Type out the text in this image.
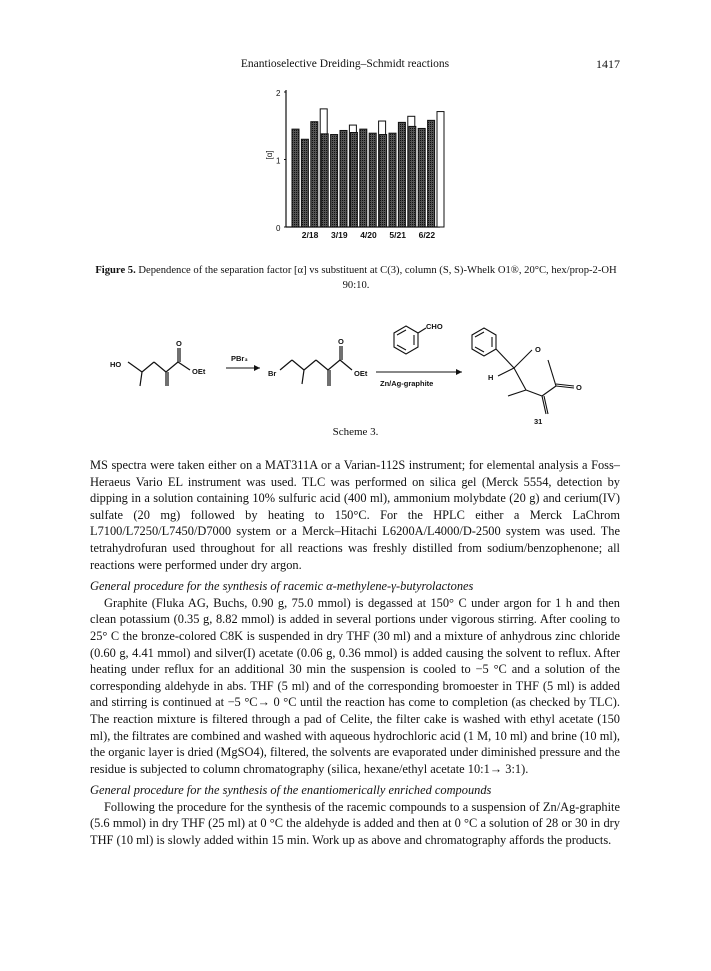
Enantioselective Dreiding–Schmidt reactions	1417
0
1
2
[α]
2/18 3/19 4/20 5/21 6/22
Figure 5. Dependence of the separation factor [α] vs substituent at C(3), column (S, S)-Whelk O1®, 20°C, hex/prop-2-OH 90:10.
HO
O
OEt
PBr₃
Br
O
OEt
CHO
Zn/Ag-graphite
O
O
H
31
Scheme 3.

MS spectra were taken either on a MAT311A or a Varian-112S instrument; for elemental analysis a Foss–Heraeus Vario EL instrument was used. TLC was performed on silica gel (Merck 5554, detection by dipping in a solution containing 10% sulfuric acid (400 ml), ammonium molybdate (20 g) and cerium(IV) sulfate (20 mg) followed by heating to 150°C. For the HPLC either a Merck LaChrom L7100/L7250/L7450/D7000 system or a Merck–Hitachi L6200A/L4000/D-2500 system was used. The tetrahydrofuran used throughout for all reactions was freshly distilled from sodium/benzophenone; all reactions were performed under dry argon.

General procedure for the synthesis of racemic α-methylene-γ-butyrolactones

Graphite (Fluka AG, Buchs, 0.90 g, 75.0 mmol) is degassed at 150° C under argon for 1 h and then clean potassium (0.35 g, 8.82 mmol) is added in several portions under vigorous stirring. After cooling to 25° C the bronze-colored C8K is suspended in dry THF (30 ml) and a mixture of anhydrous zinc chloride (0.60 g, 4.41 mmol) and silver(I) acetate (0.06 g, 0.36 mmol) is added causing the solvent to reflux. After heating under reflux for an additional 30 min the suspension is cooled to −5 °C and a solution of the corresponding aldehyde in abs. THF (5 ml) and of the corresponding bromoester in THF (5 ml) is added and stirring is continued at −5 °C→ 0 °C until the reaction has come to completion (as checked by TLC). The reaction mixture is filtered through a pad of Celite, the filter cake is washed with ethyl acetate (150 ml), the filtrates are combined and washed with aqueous hydrochloric acid (1 M, 10 ml) and brine (10 ml), the organic layer is dried (MgSO4), filtered, the solvents are evaporated under diminished pressure and the residue is subjected to column chromatography (silica, hexane/ethyl acetate 10:1→ 3:1).

General procedure for the synthesis of the enantiomerically enriched compounds

Following the procedure for the synthesis of the racemic compounds to a suspension of Zn/Ag-graphite (5.6 mmol) in dry THF (25 ml) at 0 °C the aldehyde is added and then at 0 °C a solution of 28 or 30 in dry THF (10 ml) is slowly added within 15 min. Work up as above and chromatography affords the products.
